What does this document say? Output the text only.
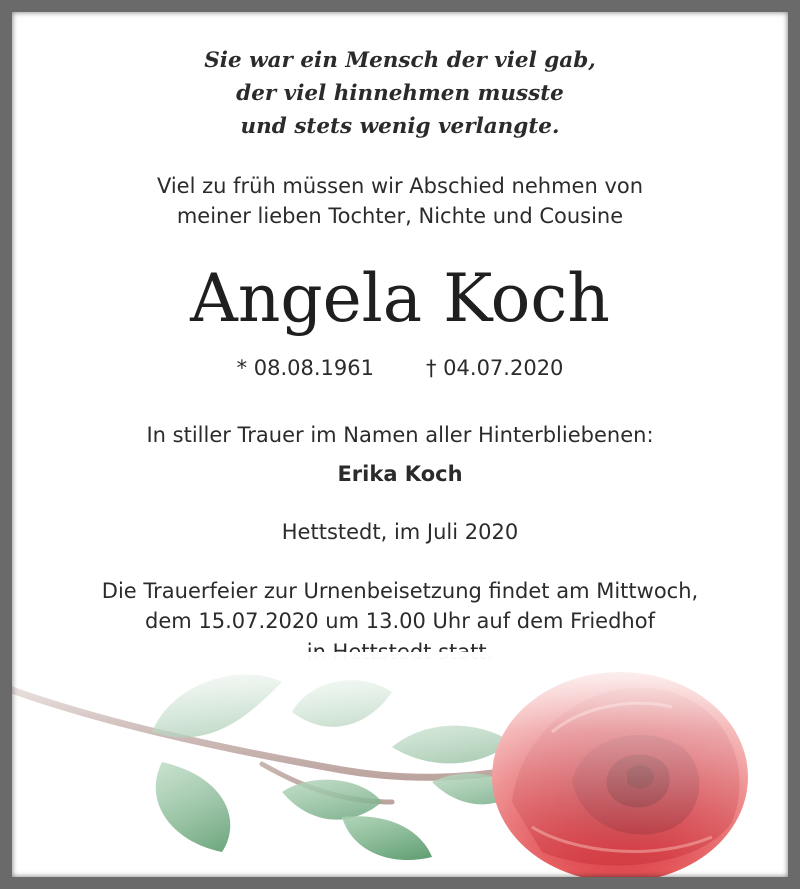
Sie war ein Mensch der viel gab,
der viel hinnehmen musste
und stets wenig verlangte.
Viel zu früh müssen wir Abschied nehmen von
meiner lieben Tochter, Nichte und Cousine
Angela Koch
* 08.08.1961 † 04.07.2020
In stiller Trauer im Namen aller Hinterbliebenen:
Erika Koch
Hettstedt, im Juli 2020
Die Trauerfeier zur Urnenbeisetzung findet am Mittwoch,
dem 15.07.2020 um 13.00 Uhr auf dem Friedhof
